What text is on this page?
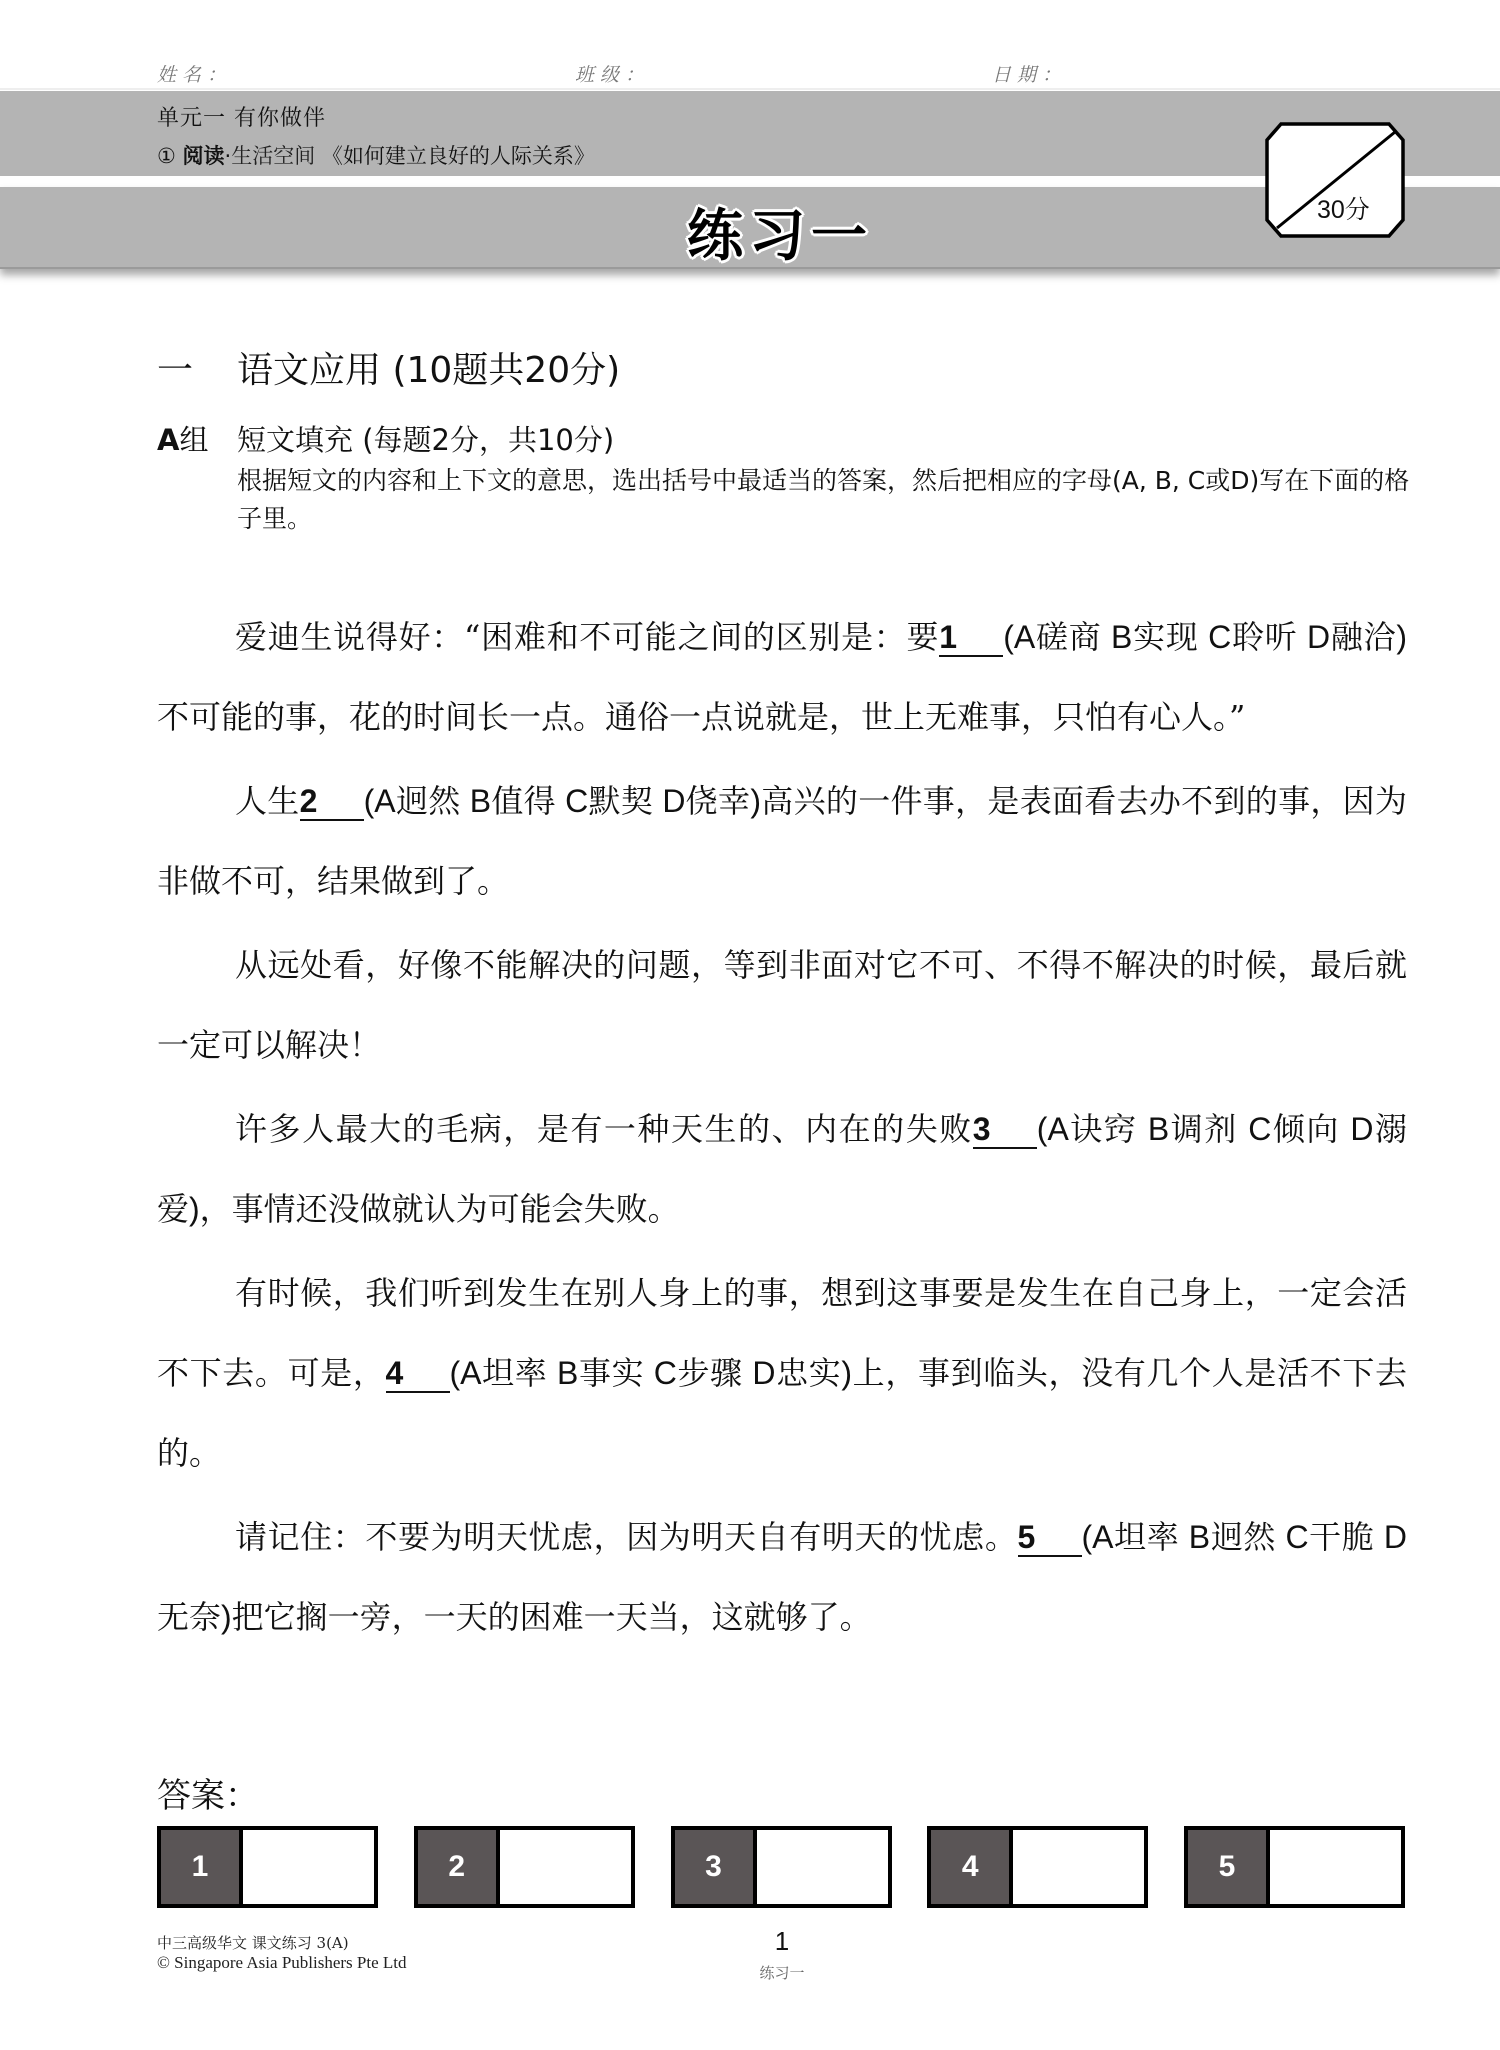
姓名：	班级：	日期：
单元一 有你做伴
① 阅读·生活空间 《如何建立良好的人际关系》
练习一	30分
一 语文应用 (10题共20分)
A组 短文填充 (每题2分，共10分)
根据短文的内容和上下文的意思，选出括号中最适当的答案，然后把相应的字母(A, B, C或D)写在下面的格子里。

爱迪生说得好：“困难和不可能之间的区别是：要1 (A磋商 B实现 C聆听 D融洽)不可能的事，花的时间长一点。通俗一点说就是，世上无难事，只怕有心人。”

人生2 (A迥然 B值得 C默契 D侥幸)高兴的一件事，是表面看去办不到的事，因为非做不可，结果做到了。

从远处看，好像不能解决的问题，等到非面对它不可、不得不解决的时候，最后就一定可以解决！

许多人最大的毛病，是有一种天生的、内在的失败3 (A诀窍 B调剂 C倾向 D溺爱)，事情还没做就认为可能会失败。

有时候，我们听到发生在别人身上的事，想到这事要是发生在自己身上，一定会活不下去。可是，4 (A坦率 B事实 C步骤 D忠实)上，事到临头，没有几个人是活不下去的。

请记住：不要为明天忧虑，因为明天自有明天的忧虑。5 (A坦率 B迥然 C干脆 D无奈)把它搁一旁，一天的困难一天当，这就够了。

答案：
1	2	3	4	5
中三高级华文 课文练习 3(A)
© Singapore Asia Publishers Pte Ltd
1
练习一
